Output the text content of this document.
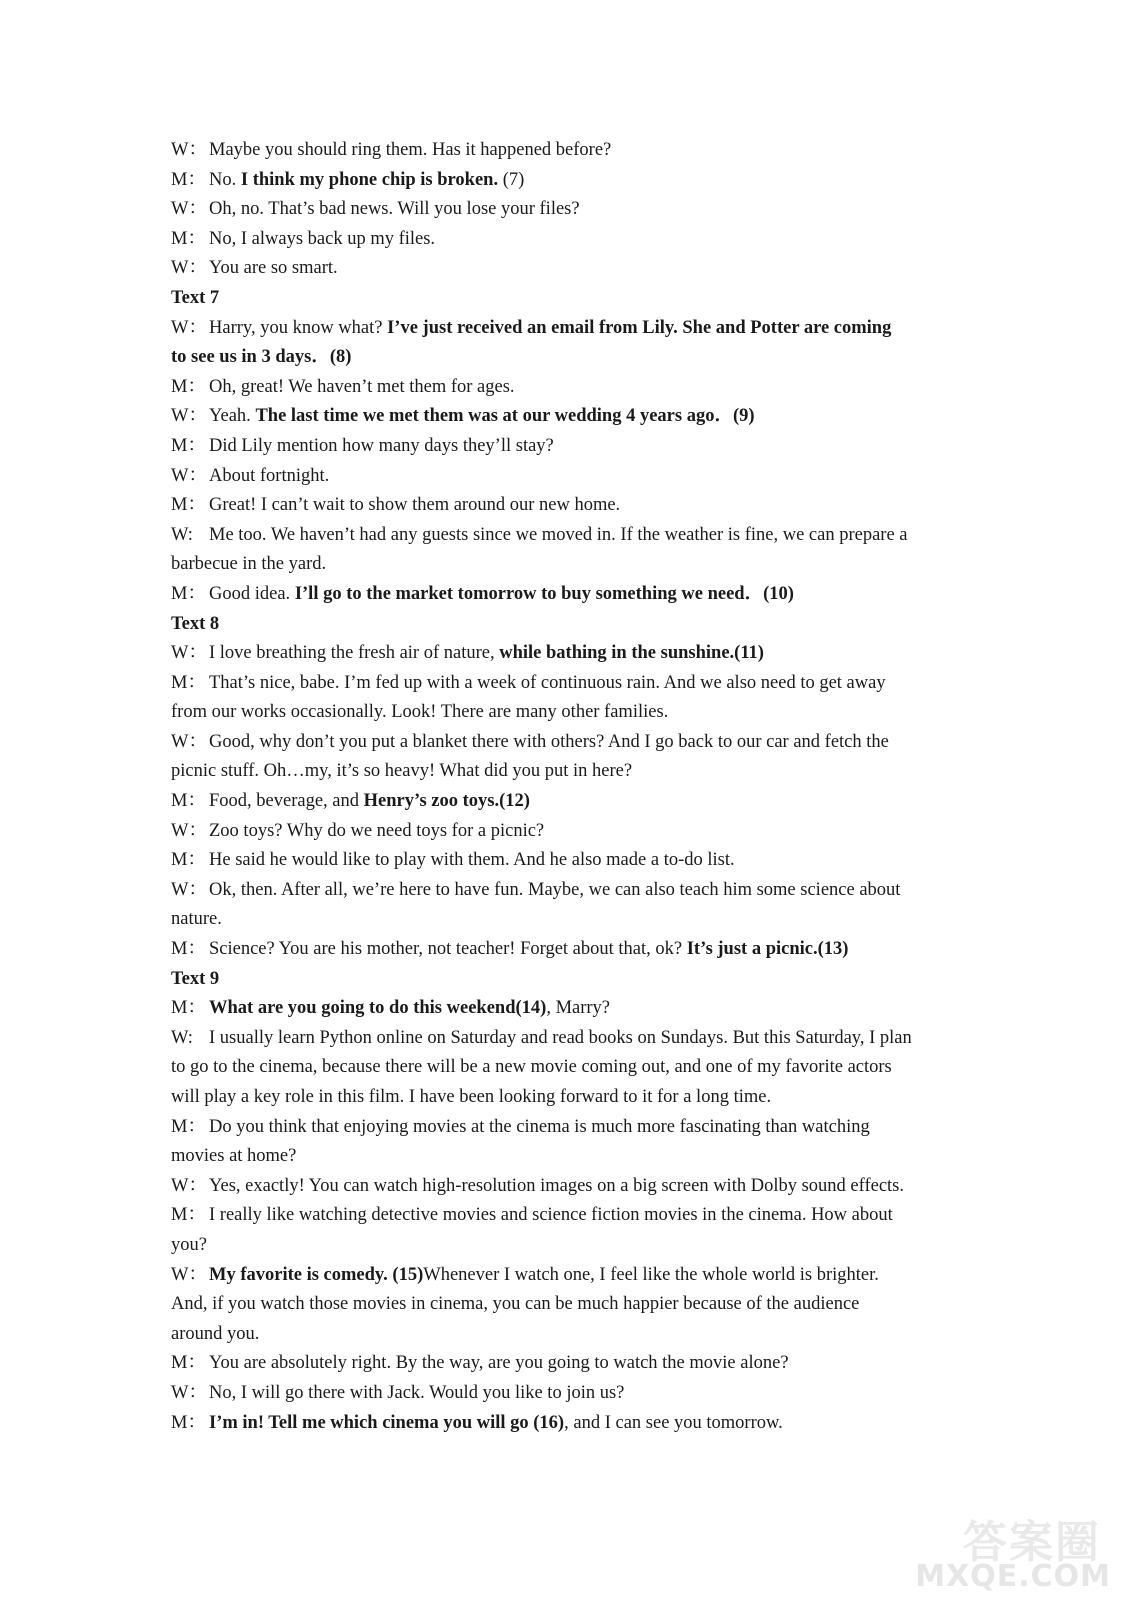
W： Maybe you should ring them. Has it happened before?
M： No. I think my phone chip is broken. (7)
W： Oh, no. That’s bad news. Will you lose your files?
M： No, I always back up my files.
W： You are so smart.
Text 7
W： Harry, you know what? I’ve just received an email from Lily. She and Potter are coming
to see us in 3 days．(8)
M： Oh, great! We haven’t met them for ages.
W： Yeah. The last time we met them was at our wedding 4 years ago．(9)
M： Did Lily mention how many days they’ll stay?
W： About fortnight.
M： Great! I can’t wait to show them around our new home.
W:Me too. We haven’t had any guests since we moved in. If the weather is fine, we can prepare a
barbecue in the yard.
M： Good idea. I’ll go to the market tomorrow to buy something we need．(10)
Text 8
W： I love breathing the fresh air of nature, while bathing in the sunshine.(11)
M： That’s nice, babe. I’m fed up with a week of continuous rain. And we also need to get away
from our works occasionally. Look! There are many other families.
W： Good, why don’t you put a blanket there with others? And I go back to our car and fetch the
picnic stuff. Oh…my, it’s so heavy! What did you put in here?
M： Food, beverage, and Henry’s zoo toys.(12)
W： Zoo toys? Why do we need toys for a picnic?
M： He said he would like to play with them. And he also made a to-do list.
W： Ok, then. After all, we’re here to have fun. Maybe, we can also teach him some science about
nature.
M： Science? You are his mother, not teacher! Forget about that, ok? It’s just a picnic.(13)
Text 9
M： What are you going to do this weekend(14), Marry?
W:I usually learn Python online on Saturday and read books on Sundays. But this Saturday, I plan
to go to the cinema, because there will be a new movie coming out, and one of my favorite actors
will play a key role in this film. I have been looking forward to it for a long time.
M： Do you think that enjoying movies at the cinema is much more fascinating than watching
movies at home?
W： Yes, exactly! You can watch high-resolution images on a big screen with Dolby sound effects.
M： I really like watching detective movies and science fiction movies in the cinema. How about
you?
W： My favorite is comedy. (15)Whenever I watch one, I feel like the whole world is brighter.
And, if you watch those movies in cinema, you can be much happier because of the audience
around you.
M： You are absolutely right. By the way, are you going to watch the movie alone?
W： No, I will go there with Jack. Would you like to join us?
M： I’m in! Tell me which cinema you will go (16), and I can see you tomorrow.
答案圈
MXQE.COM
